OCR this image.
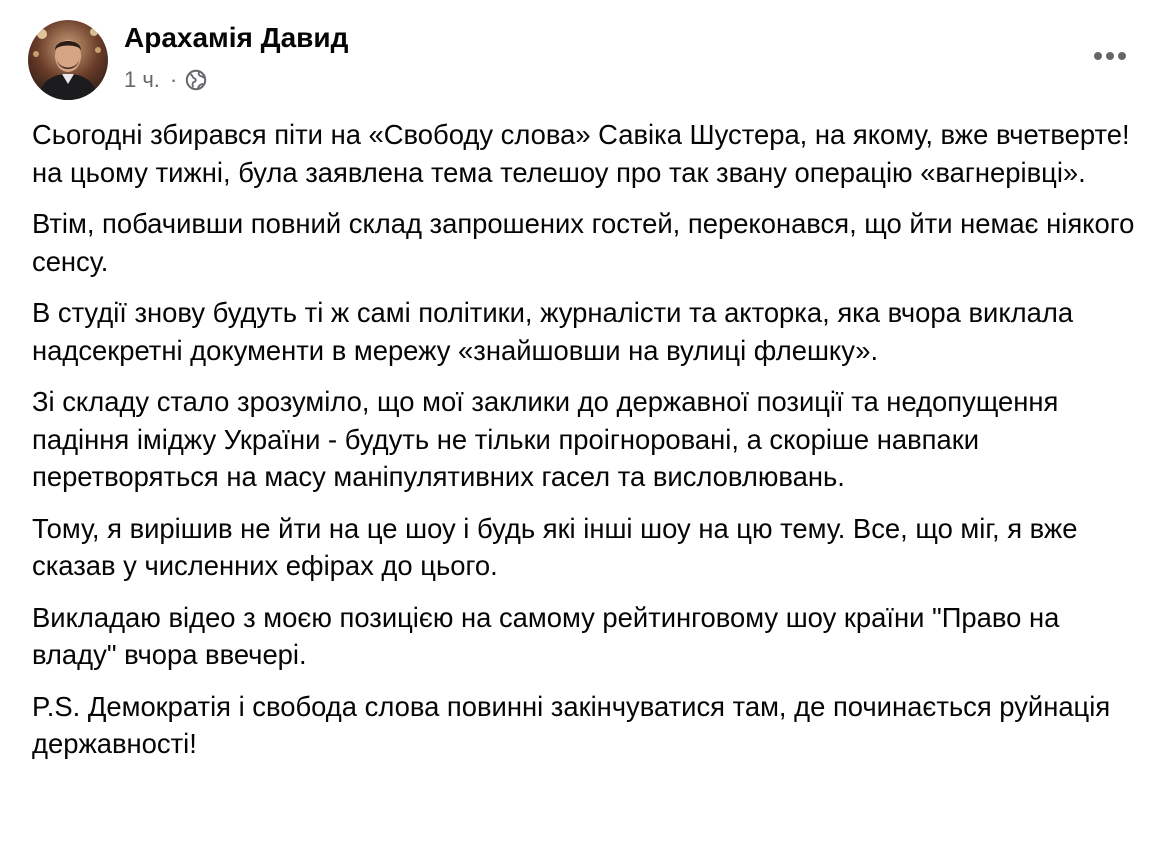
Арахамія Давид
1 ч. ·

Сьогодні збирався піти на «Свободу слова» Савіка Шустера, на якому, вже вчетверте! на цьому тижні, була заявлена тема телешоу про так звану операцію «вагнерівці».

Втім, побачивши повний склад запрошених гостей, переконався, що йти немає ніякого сенсу.

В студії знову будуть ті ж самі політики, журналісти та акторка, яка вчора виклала надсекретні документи в мережу «знайшовши на вулиці флешку».

Зі складу стало зрозуміло, що мої заклики до державної позиції та недопущення падіння іміджу України - будуть не тільки проігноровані, а скоріше навпаки перетворяться на масу маніпулятивних гасел та висловлювань.

Тому, я вирішив не йти на це шоу і будь які інші шоу на цю тему. Все, що міг, я вже сказав у численних ефірах до цього.

Викладаю відео з моєю позицією на самому рейтинговому шоу країни "Право на владу" вчора ввечері.

P.S. Демократія і свобода слова повинні закінчуватися там, де починається руйнація державності!
